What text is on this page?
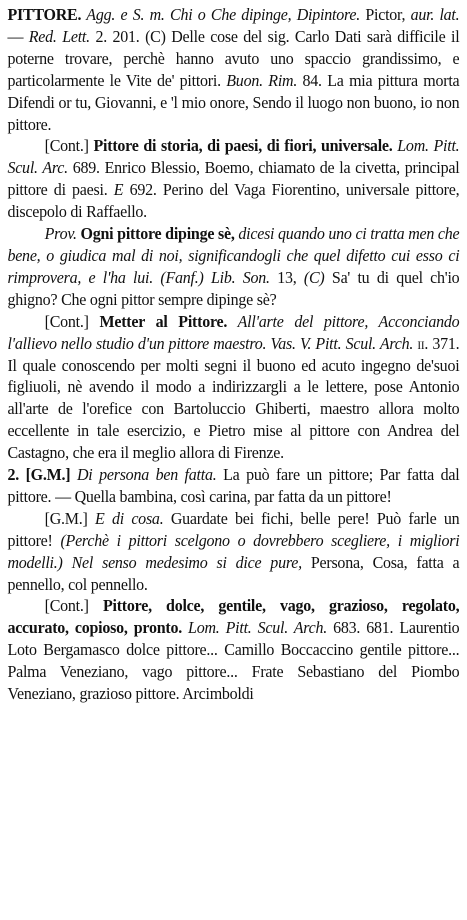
PITTORE. Agg. e S. m. Chi o Che dipinge, Dipintore. Pictor, aur. lat. — Red. Lett. 2. 201. (C) Delle cose del sig. Carlo Dati sarà difficile il poterne trovare, perchè hanno avuto uno spaccio grandissimo, e particolarmente le Vite de' pittori. Buon. Rim. 84. La mia pittura morta Difendi or tu, Giovanni, e 'l mio onore, Sendo il luogo non buono, io non pittore.

[Cont.] Pittore di storia, di paesi, di fiori, universale. Lom. Pitt. Scul. Arc. 689. Enrico Blessio, Boemo, chiamato de la civetta, principal pittore di paesi. E 692. Perino del Vaga Fiorentino, universale pittore, discepolo di Raffaello.

Prov. Ogni pittore dipinge sè, dicesi quando uno ci tratta men che bene, o giudica mal di noi, significandogli che quel difetto cui esso ci rimprovera, e l'ha lui. (Fanf.) Lib. Son. 13, (C) Sa' tu di quel ch'io ghigno? Che ogni pittor sempre dipinge sè?

[Cont.] Metter al Pittore. All'arte del pittore, Acconciando l'allievo nello studio d'un pittore maestro. Vas. V. Pitt. Scul. Arch. ii. 371. Il quale conoscendo per molti segni il buono ed acuto ingegno de'suoi figliuoli, nè avendo il modo a indirizzargli a le lettere, pose Antonio all'arte de l'orefice con Bartoluccio Ghiberti, maestro allora molto eccellente in tale esercizio, e Pietro mise al pittore con Andrea del Castagno, che era il meglio allora di Firenze.

2. [G.M.] Di persona ben fatta. La può fare un pittore; Par fatta dal pittore. — Quella bambina, così carina, par fatta da un pittore!

[G.M.] E di cosa. Guardate bei fichi, belle pere! Può farle un pittore! (Perchè i pittori scelgono o dovrebbero scegliere, i migliori modelli.) Nel senso medesimo si dice pure, Persona, Cosa, fatta a pennello, col pennello.

[Cont.] Pittore, dolce, gentile, vago, grazioso, regolato, accurato, copioso, pronto. Lom. Pitt. Scul. Arch. 683. 681. Laurentio Loto Bergamasco dolce pittore... Camillo Boccaccino gentile pittore... Palma Veneziano, vago pittore... Frate Sebastiano del Piombo Veneziano, grazioso pittore. Arcimboldi
